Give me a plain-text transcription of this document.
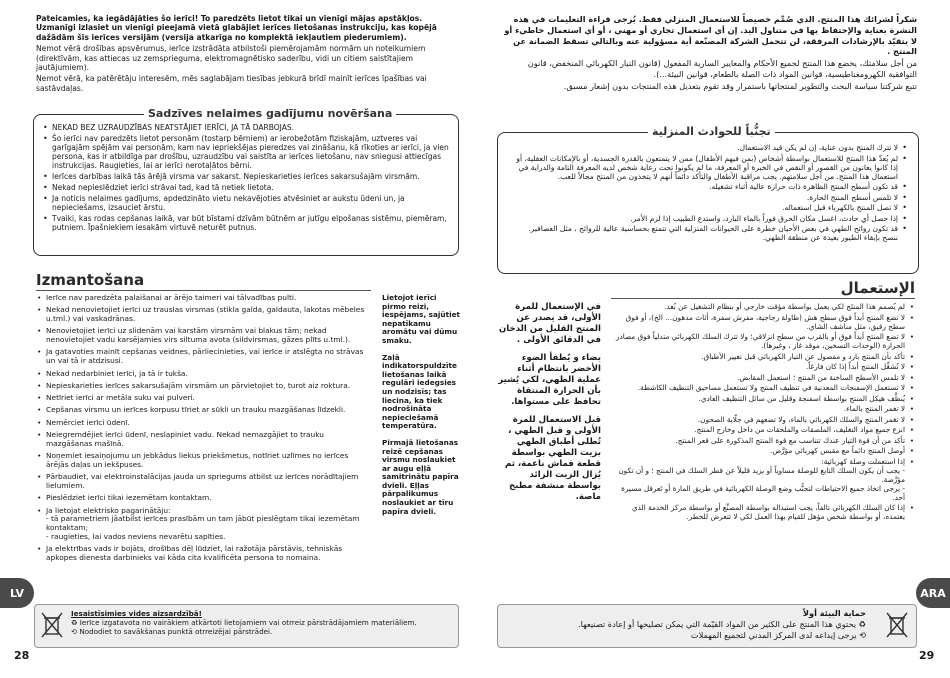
Pateicamies, ka iegādājāties šo ierīci! To paredzēts lietot tikai un vienīgi mājas apstākļos. Uzmanīgi izlasiet un vienīgi pieejamā vietā glabājiet ierīces lietošanas instrukciju, kas kopējā dažādām šīs ierīces versijām (versija atkarīga no komplektā iekļautiem piederumiem).

Nemot vērā drošības apsvērumus, ierīce izstrādāta atbilstoši piemērojamām normām un noteikumiem (direktīvām, kas attiecas uz zemsprieguma, elektromagnētisko saderību, vidi un citiem saistītajiem jautājumiem).

Ņemot vērā, ka patērētāju interesēm, mēs saglabājam tiesības jebkurā brīdī mainīt ierīces īpašības vai sastāvdaļas.

Sadzīves nelaimes gadījumu novēršana
• NEKAD BEZ UZRAUDZĪBAS NEATSTĀJIET IERĪCI, JA TĀ DARBOJAS.
• Šo ierīci nav paredzēts lietot personām (tostarp bērniem) ar ierobežotām fiziskajām, uztveres vai garīgajām spējām vai personām, kam nav iepriekšējas pieredzes vai zināšanu, kā rīkoties ar ierīci, ja vien persona, kas ir atbildīga par drošību, uzraudzību vai saistīta ar ierīces lietošanu, nav sniegusi attiecīgas instrukcijas. Raugieties, lai ar ierīci nerotaļātos bērni.
• Ierīces darbības laikā tās ārējā virsma var sakarst. Nepieskarieties ierīces sakarsušajām virsmām.
• Nekad nepieslēdziet ierīci strāvai tad, kad tā netiek lietota.
• Ja noticis nelaimes gadījums, apdedzināto vietu nekavējoties atvēsiniet ar aukstu ūdeni un, ja nepieciešams, izsauciet ārstu.
• Tvaiki, kas rodas cepšanas laikā, var būt bīstami dzīvām būtnēm ar jutīgu elpošanas sistēmu, piemēram, putniem. Īpašniekiem iesakām virtuvē neturēt putnus.
Izmantošana
• Ierīce nav paredzēta palaišanai ar ārējo taimeri vai tālvadības pulti.
• Nekad nenovietojiet ierīci uz trauslas virsmas (stikla galda, galdauta, lakotas mēbeles u.tml.) vai vaskadrānas.
• Nenovietojiet ierīci uz slidenām vai karstām virsmām vai blakus tām; nekad nenovietojiet vadu karsējamies virs siltuma avota (sildvirsmas, gāzes plīts u.tml.).
• Ja gatavoties mainīt cepšanas veidnes, pārliecinieties, vai ierīce ir atslēgta no strāvas un vai tā ir atdzisusi.
• Nekad nedarbiniet ierīci, ja tā ir tukša.
• Nepieskarieties ierīces sakarsušajām virsmām un pārvietojiet to, turot aiz roktura.
• Netīriet ierīci ar metāla suku vai pulveri.
• Cepšanas virsmu un ierīces korpusu tīriet ar sūkli un trauku mazgāšanas līdzekli.
• Nemērciet ierīci ūdenī.
• Neiegremdējiet ierīci ūdenī, neslapiniet vadu. Nekad nemazgājiet to trauku mazgāšanas mašīnā.
• Noņemiet iesaiņojumu un jebkādus liekus priekšmetus, notīriet uzlīmes no ierīces ārējās daļas un iekšpuses.
• Pārbaudiet, vai elektroinstalācijas jauda un spriegums atbilst uz ierīces norādītajiem lielumiem.
• Pieslēdziet ierīci tikai iezemētam kontaktam.
• Ja lietojat elektrisko pagarinātāju:
- tā parametriem jāatbilst ierīces prasībām un tam jābūt pieslēgtam tikai iezemētam kontaktam;
- raugieties, lai vados neviens nevarētu sapīties.
• Ja elektrības vads ir bojāts, drošības dēļ lūdziet, lai ražotāja pārstāvis, tehniskās apkopes dienesta darbinieks vai kāda cita kvalificēta persona to nomaina.

Lietojot ierīci pirmo reizi, iespējams, sajūtiet nepatīkamu aromātu vai dūmu smaku.

Zaļā indikatorspuldzīte lietošanas laikā regulāri iedegsies un nodzisīs; tas liecina, ka tiek nodrošināta nepieciešamā temperatūra.

Pirmajā lietošanas reizē cepšanas virsmu noslaukiet ar augu eļļā samitrinātu papīra dvieli. Eļļas pārpalikumus noslaukiet ar tīru papīra dvieli.

LV
Iesaistīsimies vides aizsardzībā!
♻ Ierīce izgatavota no vairākiem atkārtoti lietojamiem vai otrreiz pārstrādājamiem materiāliem.
⟲ Nododiet to savākšanas punktā otrreizējai pārstrādei.
28

شكراً لشرائك هذا المنتج. الذي صُمِّم خصيصاً للاستعمال المنزلي فقط. يُرجى قراءة التعليمات في هذه النشرة بعناية والإحتفاظ بها في متناول اليد. إن أي استعمال تجاري أو مهني ، أو أي استعمال خاطيء أو لا يتقيّد بالإرشادات المرفقة، لن تتحمل الشركة المصنّعة أية مسؤولية عنه وبالتالي تسقط الضمانة عن المنتج .

من أجل سلامتك، يخضع هذا المنتج لجميع الأحكام والمعايير السارية المفعول (قانون التيار الكهربائي المنخفض، قانون التوافقية الكهرومغناطيسية، قوانين المواد ذات الصلة بالطعام، قوانين البيئة...).

تتبع شركتنا سياسة البحث والتطوير لمنتجاتها باستمرار وقد تقوم بتعديل هذه المنتجات بدون إشعار مسبق.

تجنُّباً للحوادث المنزلية
• لا تترك المنتج بدون عناية، إن لم يكن قيد الاستعمال.
• لم يُعدّ هذا المنتج للاستعمال بواسطة أشخاص (بمن فيهم الأطفال) ممن لا يتمتعون بالقدرة الجسدية، أو بالإمكانات العقلية، أو إذا كانوا يعانون من القصور أو النقص في الخبرة أو المعرفة، ما لم يكونوا تحت رعاية شخص لديه المعرفة التامة والدراية في استعمال هذا المنتج. من أجل سلامتهم. يجب مراقبة الأطفال والتأكد دائماً أنهم لا يتخذون من المنتج مجالاً للعب.
• قد تكون أسطح المنتج الظاهرة ذات حرارة عالية أثناء تشغيله.
• لا تلمس أسطح المنتج الحارة.
• لا تصل المنتج بالكهرباء قبل استعماله.
• إذا حصل أي حادث، اغسل مكان الحرق فوراً بالماء البارد، واستدع الطبيب إذا لزم الأمر.
• قد تكون روائح الطهي في بعض الأحيان خطرة على الحيوانات المنزلية التي تتمتع بحساسية عالية للروائح ، مثل العصافير. ننصح بإبقاء الطيور بعيدة عن منطقة الطهي.
الإستعمال
• لم يُصمم هذا المنتَج لكي يعمل بواسطة مؤقت خارجي أو بنظام التشغيل عن بُعد.
• لا تضع المنتج أبداً فوق سطح هش (طاولة زجاجية، مفرش سفرة، أثاث مدهون... الخ)، أو فوق سطح رقيق، مثل مناشف الشاي.
• لا تضع المنتج أبداً فوق أو بالقرب من سطح انزلاقي؛ ولا تترك السلك الكهربائي متدلياً فوق مصادر الحرارة (الوحدات التسخين، موقد غاز ، وغيرها).
• تأكد بأن المنتج بارد و مفصول عن التيار الكهربائي قبل تغيير الأطباق.
• لا تُشغِّل المنتج أبداً إذا كان فارغاً.
• لا تلمس الأسطح الساخنة من المنتج ؛ استعمل المقابض.
• لا تستعمل الإسفنجات المعدنية في تنظيف المنتج ولا تستعمل مساحيق التنظيف الكاشطة.
• يُنظَّف هيكل المنتج بواسطة اسفنجة وقليل من سائل التنظيف العادي.
• لا تغمر المنتج بالماء.
• لا تغمر المنتج والسلك الكهربائي بالماء، ولا تضعهم في جلّاية الصحون.
• انزع جميع مواد التغليف، الملصقات والملحقات من داخل وخارج المنتج.
• تأكد من أن قوة التيار عندك تتناسب مع قوة المنتج المذكورة على قعر المنتج.
• أوصل المنتج دائماً مع مقبس كهربائي مؤرَّض.
• إذا استعملت وصلة كهربائية:
- يجب أن يكون السلك التابع للوصلة مساوياً أو يزيد قليلاً عن قطر السلك في المنتج ؛ و أن تكون مؤرَّضة.
- يرجى اتخاذ جميع الاحتياطات لتجنُّب وضع الوصلة الكهربائية في طريق المارة أو تَعرقل مسيرة أحد.
• إذا كان السلك الكهربائي تالفاً، يجب استبداله بواسطة المصنِّع أو بواسطة مركز الخدمة الذي يعتمده، أو بواسطة شخص مؤهل للقيام بهذا العمل لكي لا تتعرض للخطر.

في الإستعمال للمرة الأولى، قد يصدر عن المنتج القليل من الدخان في الدقائق الأولى .

يضاء و يُطفأ الضوء الأخضر بانتظام أثناء عملية الطهي، لكي يُشير بأن الحرارة المنتقاة تحافظ على مستواها.

قبل الاستعمال للمرة الأولى و قبل الطهي ، تُطلى أطباق الطهي بزيت الطهي بواسطة قطعة قماش ناعمة، ثم يُزال الزيت الزائد بواسطة منشفة مطبخ ماصة.

حماية البيئة أولاً
♻ يحتوي هذا المنتج على الكثير من المواد القيّمة التي يمكن تصليحها أو إعادة تصنيعها.
⟲ يرجى إيداعه لدى المركز المدني لتجميع المهملات
ARA
29
